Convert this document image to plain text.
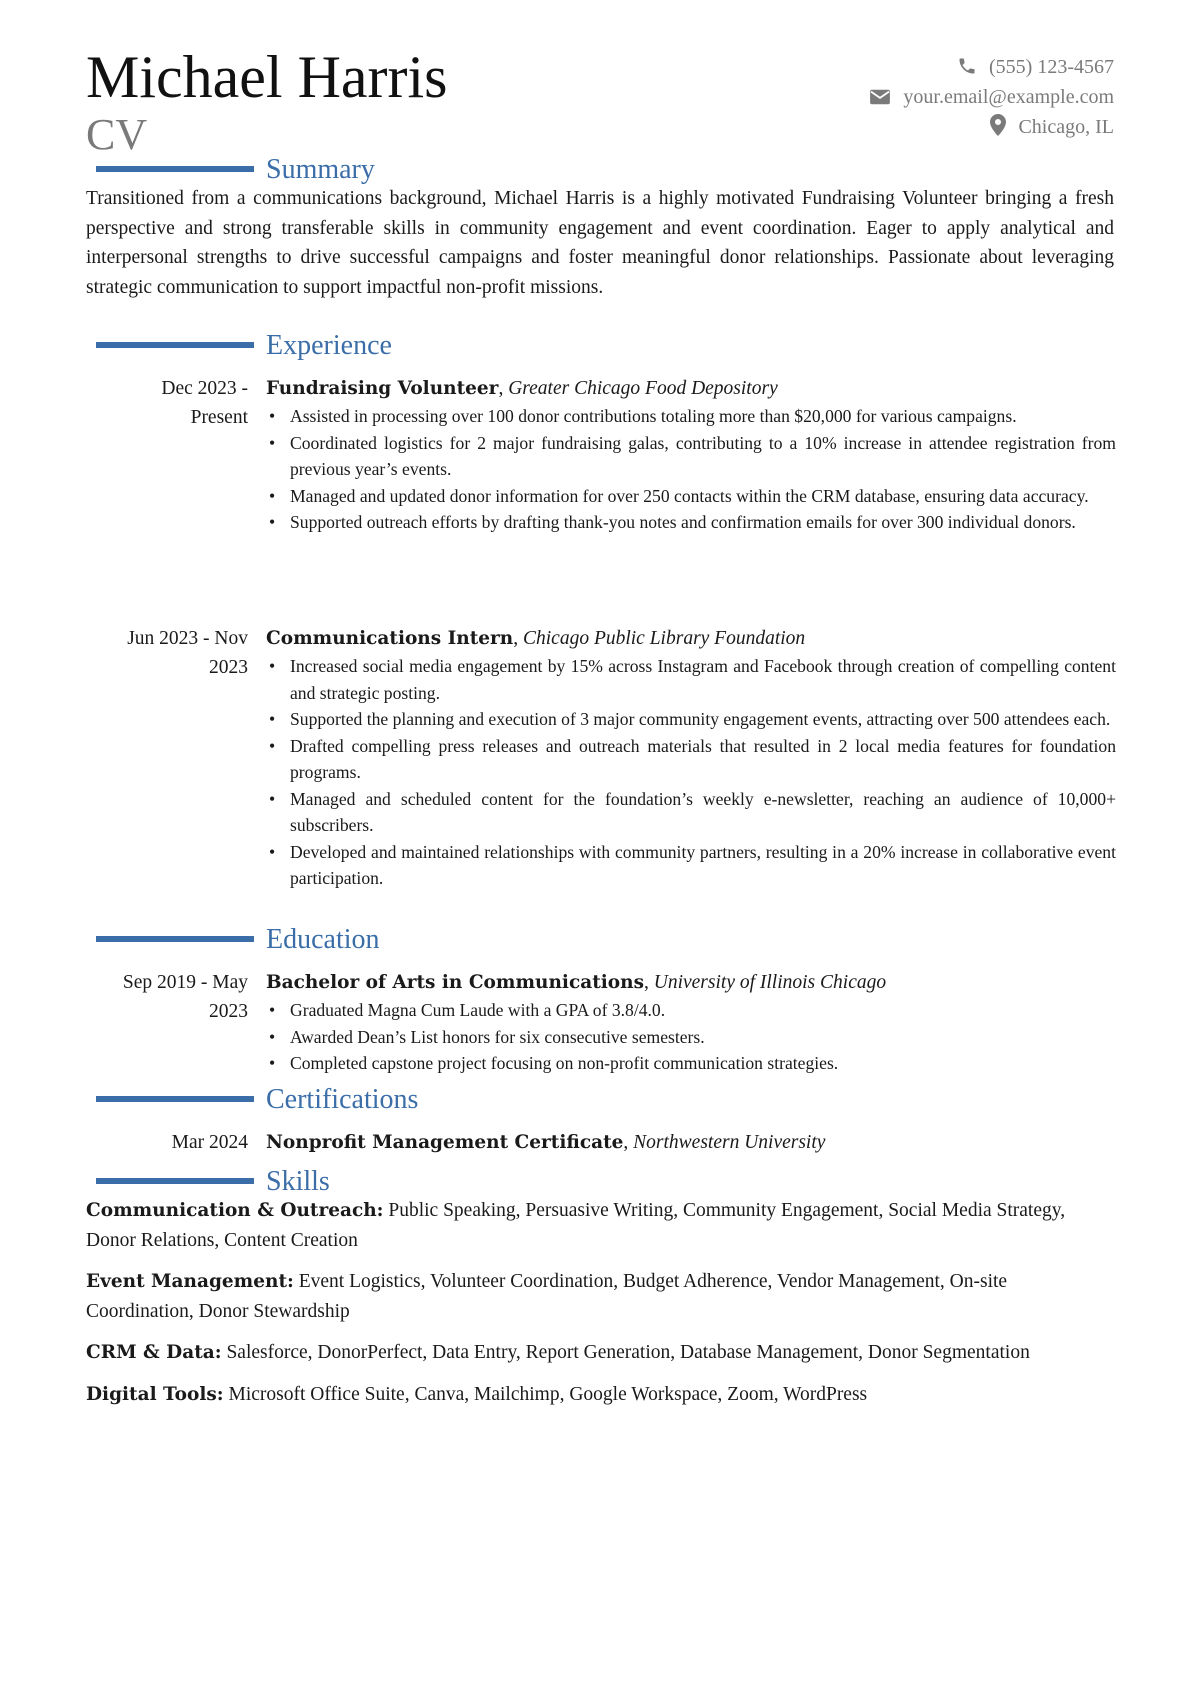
Michael Harris
CV
(555) 123-4567
your.email@example.com
Chicago, IL
Summary

Transitioned from a communications background, Michael Harris is a highly motivated Fundraising Volunteer bringing a fresh perspective and strong transferable skills in community engagement and event coordination. Eager to apply analytical and interpersonal strengths to drive successful campaigns and foster meaningful donor relationships. Passionate about leveraging strategic communication to support impactful non-profit missions.

Experience
Dec 2023 -
Present
Fundraising Volunteer, Greater Chicago Food Depository
• Assisted in processing over 100 donor contributions totaling more than $20,000 for various campaigns.
• Coordinated logistics for 2 major fundraising galas, contributing to a 10% increase in attendee registration from previous year’s events.
• Managed and updated donor information for over 250 contacts within the CRM database, ensuring data accuracy.
• Supported outreach efforts by drafting thank-you notes and confirmation emails for over 300 individual donors.
Jun 2023 - Nov
2023
Communications Intern, Chicago Public Library Foundation
• Increased social media engagement by 15% across Instagram and Facebook through creation of compelling content and strategic posting.
• Supported the planning and execution of 3 major community engagement events, attracting over 500 attendees each.
• Drafted compelling press releases and outreach materials that resulted in 2 local media features for foundation programs.
• Managed and scheduled content for the foundation’s weekly e-newsletter, reaching an audience of 10,000+ subscribers.
• Developed and maintained relationships with community partners, resulting in a 20% increase in collaborative event participation.
Education
Sep 2019 - May
2023
Bachelor of Arts in Communications, University of Illinois Chicago
• Graduated Magna Cum Laude with a GPA of 3.8/4.0.
• Awarded Dean’s List honors for six consecutive semesters.
• Completed capstone project focusing on non-profit communication strategies.
Certifications
Mar 2024 Nonprofit Management Certificate, Northwestern University
Skills

Communication & Outreach: Public Speaking, Persuasive Writing, Community Engagement, Social Media Strategy, Donor Relations, Content Creation

Event Management: Event Logistics, Volunteer Coordination, Budget Adherence, Vendor Management, On-site Coordination, Donor Stewardship

CRM & Data: Salesforce, DonorPerfect, Data Entry, Report Generation, Database Management, Donor Segmentation

Digital Tools: Microsoft Office Suite, Canva, Mailchimp, Google Workspace, Zoom, WordPress
